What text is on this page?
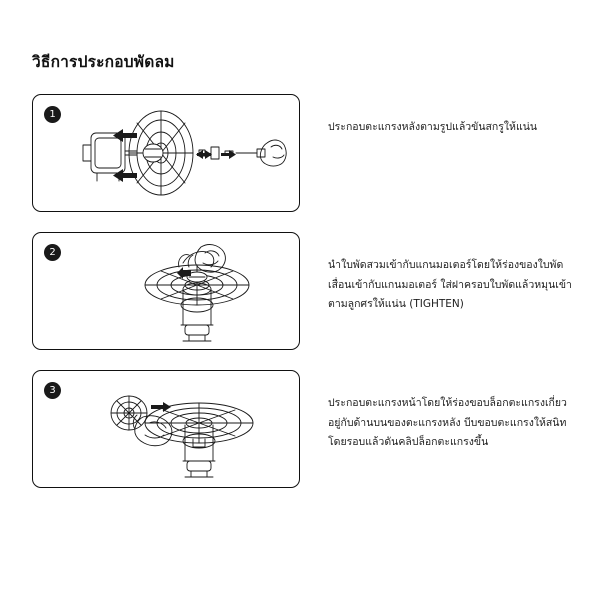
วิธีการประกอบพัดลม
1

ประกอบตะแกรงหลังตามรูปแล้วขันสกรูให้แน่น

2

นำใบพัดสวมเข้ากับแกนมอเตอร์โดยให้ร่องของใบพัดเสื่อนเข้ากับแกนมอเตอร์ ใส่ฝาครอบใบพัดแล้วหมุนเข้าตามลูกศรให้แน่น (TIGHTEN)

3

ประกอบตะแกรงหน้าโดยให้ร่องขอบล็อกตะแกรงเกี่ยวอยู่กับด้านบนของตะแกรงหลัง บีบขอบตะแกรงให้สนิทโดยรอบแล้วดันคลิปล็อกตะแกรงขึ้น
